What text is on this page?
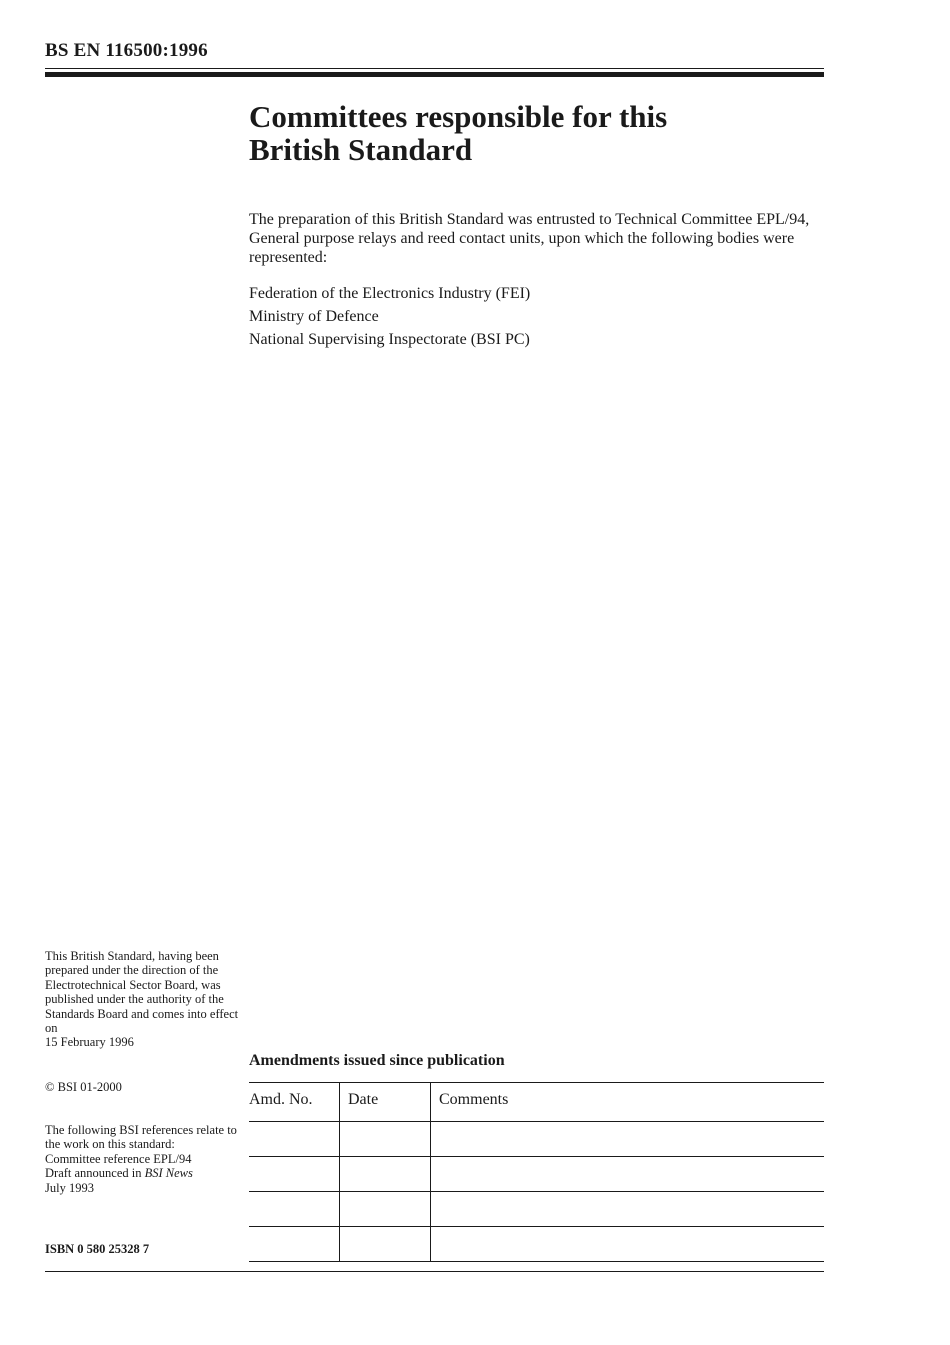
BS EN 116500:1996
Committees responsible for this
British Standard

The preparation of this British Standard was entrusted to Technical Committee EPL/94, General purpose relays and reed contact units, upon which the following bodies were represented:

Federation of the Electronics Industry (FEI)
Ministry of Defence
National Supervising Inspectorate (BSI PC)

This British Standard, having been prepared under the direction of the Electrotechnical Sector Board, was published under the authority of the Standards Board and comes into effect on
15 February 1996

© BSI 01-2000

The following BSI references relate to the work on this standard:
Committee reference EPL/94
Draft announced in BSI News
July 1993

ISBN 0 580 25328 7

Amendments issued since publication
Amd. No.	Date	Comments
